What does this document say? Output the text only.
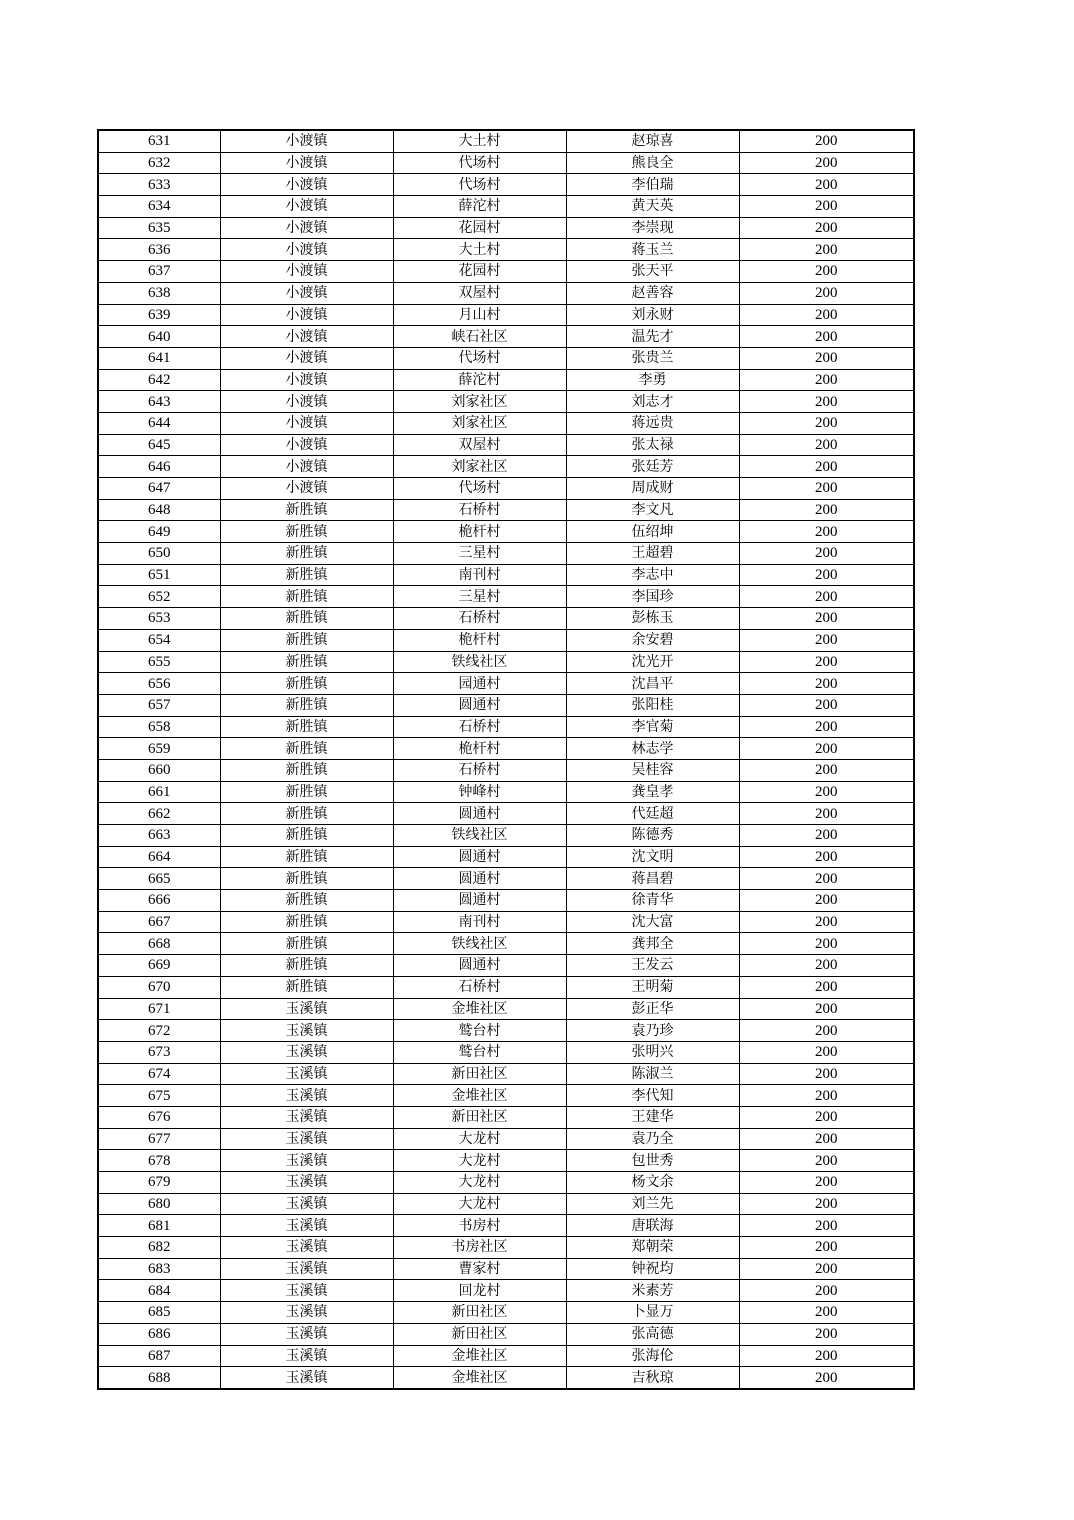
631	小渡镇	大土村	赵琼喜	200
632	小渡镇	代场村	熊良全	200
633	小渡镇	代场村	李伯瑞	200
634	小渡镇	薛沱村	黄天英	200
635	小渡镇	花园村	李崇现	200
636	小渡镇	大土村	蒋玉兰	200
637	小渡镇	花园村	张天平	200
638	小渡镇	双屋村	赵善容	200
639	小渡镇	月山村	刘永财	200
640	小渡镇	峡石社区	温先才	200
641	小渡镇	代场村	张贵兰	200
642	小渡镇	薛沱村	李勇	200
643	小渡镇	刘家社区	刘志才	200
644	小渡镇	刘家社区	蒋远贵	200
645	小渡镇	双屋村	张太禄	200
646	小渡镇	刘家社区	张廷芳	200
647	小渡镇	代场村	周成财	200
648	新胜镇	石桥村	李文凡	200
649	新胜镇	桅杆村	伍绍坤	200
650	新胜镇	三星村	王超碧	200
651	新胜镇	南刊村	李志中	200
652	新胜镇	三星村	李国珍	200
653	新胜镇	石桥村	彭栋玉	200
654	新胜镇	桅杆村	余安碧	200
655	新胜镇	铁线社区	沈光开	200
656	新胜镇	园通村	沈昌平	200
657	新胜镇	圆通村	张阳桂	200
658	新胜镇	石桥村	李官菊	200
659	新胜镇	桅杆村	林志学	200
660	新胜镇	石桥村	吴桂容	200
661	新胜镇	钟峰村	龚皇孝	200
662	新胜镇	圆通村	代廷超	200
663	新胜镇	铁线社区	陈德秀	200
664	新胜镇	圆通村	沈文明	200
665	新胜镇	圆通村	蒋昌碧	200
666	新胜镇	圆通村	徐青华	200
667	新胜镇	南刊村	沈大富	200
668	新胜镇	铁线社区	龚邦全	200
669	新胜镇	圆通村	王发云	200
670	新胜镇	石桥村	王明菊	200
671	玉溪镇	金堆社区	彭正华	200
672	玉溪镇	鹫台村	袁乃珍	200
673	玉溪镇	鹫台村	张明兴	200
674	玉溪镇	新田社区	陈淑兰	200
675	玉溪镇	金堆社区	李代知	200
676	玉溪镇	新田社区	王建华	200
677	玉溪镇	大龙村	袁乃全	200
678	玉溪镇	大龙村	包世秀	200
679	玉溪镇	大龙村	杨文余	200
680	玉溪镇	大龙村	刘兰先	200
681	玉溪镇	书房村	唐联海	200
682	玉溪镇	书房社区	郑朝荣	200
683	玉溪镇	曹家村	钟祝均	200
684	玉溪镇	回龙村	米素芳	200
685	玉溪镇	新田社区	卜显万	200
686	玉溪镇	新田社区	张高德	200
687	玉溪镇	金堆社区	张海伦	200
688	玉溪镇	金堆社区	吉秋琼	200
